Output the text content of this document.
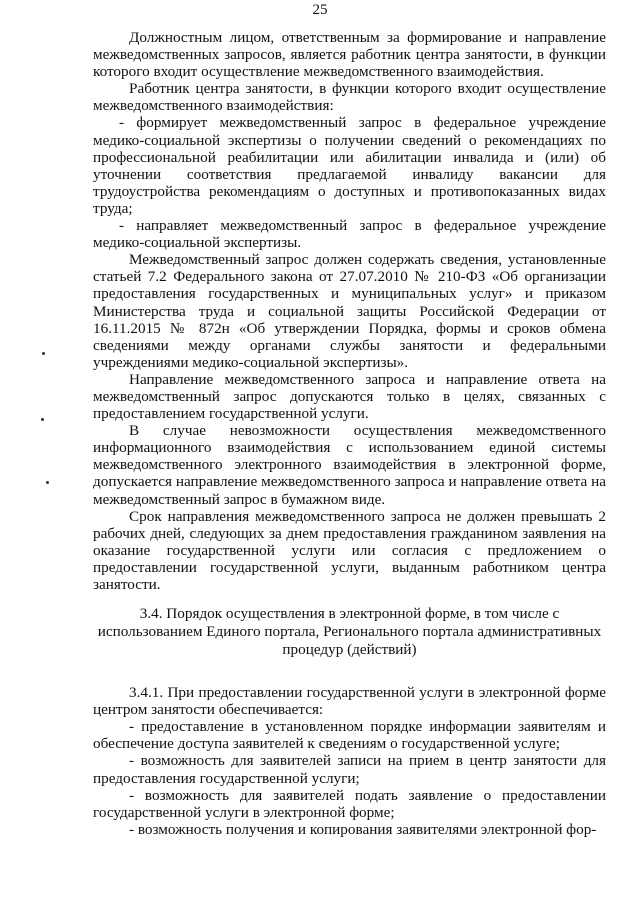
25

Должностным лицом, ответственным за формирование и направление межведомственных запросов, является работник центра занятости, в функции которого входит осуществление межведомственного взаимодействия.

Работник центра занятости, в функции которого входит осуществление межведомственного взаимодействия:

- формирует межведомственный запрос в федеральное учреждение медико-социальной экспертизы о получении сведений о рекомендациях по профессиональной реабилитации или абилитации инвалида и (или) об уточнении соответствия предлагаемой инвалиду вакансии для трудоустройства рекомендациям о доступных и противопоказанных видах труда;

- направляет межведомственный запрос в федеральное учреждение медико-социальной экспертизы.

Межведомственный запрос должен содержать сведения, установленные статьей 7.2 Федерального закона от 27.07.2010 № 210-ФЗ «Об организации предоставления государственных и муниципальных услуг» и приказом Министерства труда и социальной защиты Российской Федерации от 16.11.2015 № 872н «Об утверждении Порядка, формы и сроков обмена сведениями между органами службы занятости и федеральными учреждениями медико-социальной экспертизы».

Направление межведомственного запроса и направление ответа на межведомственный запрос допускаются только в целях, связанных с предоставлением государственной услуги.

В случае невозможности осуществления межведомственного информационного взаимодействия с использованием единой системы межведомственного электронного взаимодействия в электронной форме, допускается направление межведомственного запроса и направление ответа на межведомственный запрос в бумажном виде.

Срок направления межведомственного запроса не должен превышать 2 рабочих дней, следующих за днем предоставления гражданином заявления на оказание государственной услуги или согласия с предложением о предоставлении государственной услуги, выданным работником центра занятости.

3.4. Порядок осуществления в электронной форме, в том числе с использованием Единого портала, Регионального портала административных процедур (действий)

3.4.1. При предоставлении государственной услуги в электронной форме центром занятости обеспечивается:

- предоставление в установленном порядке информации заявителям и обеспечение доступа заявителей к сведениям о государственной услуге;

- возможность для заявителей записи на прием в центр занятости для предоставления государственной услуги;

- возможность для заявителей подать заявление о предоставлении государственной услуги в электронной форме;

- возможность получения и копирования заявителями электронной фор-
